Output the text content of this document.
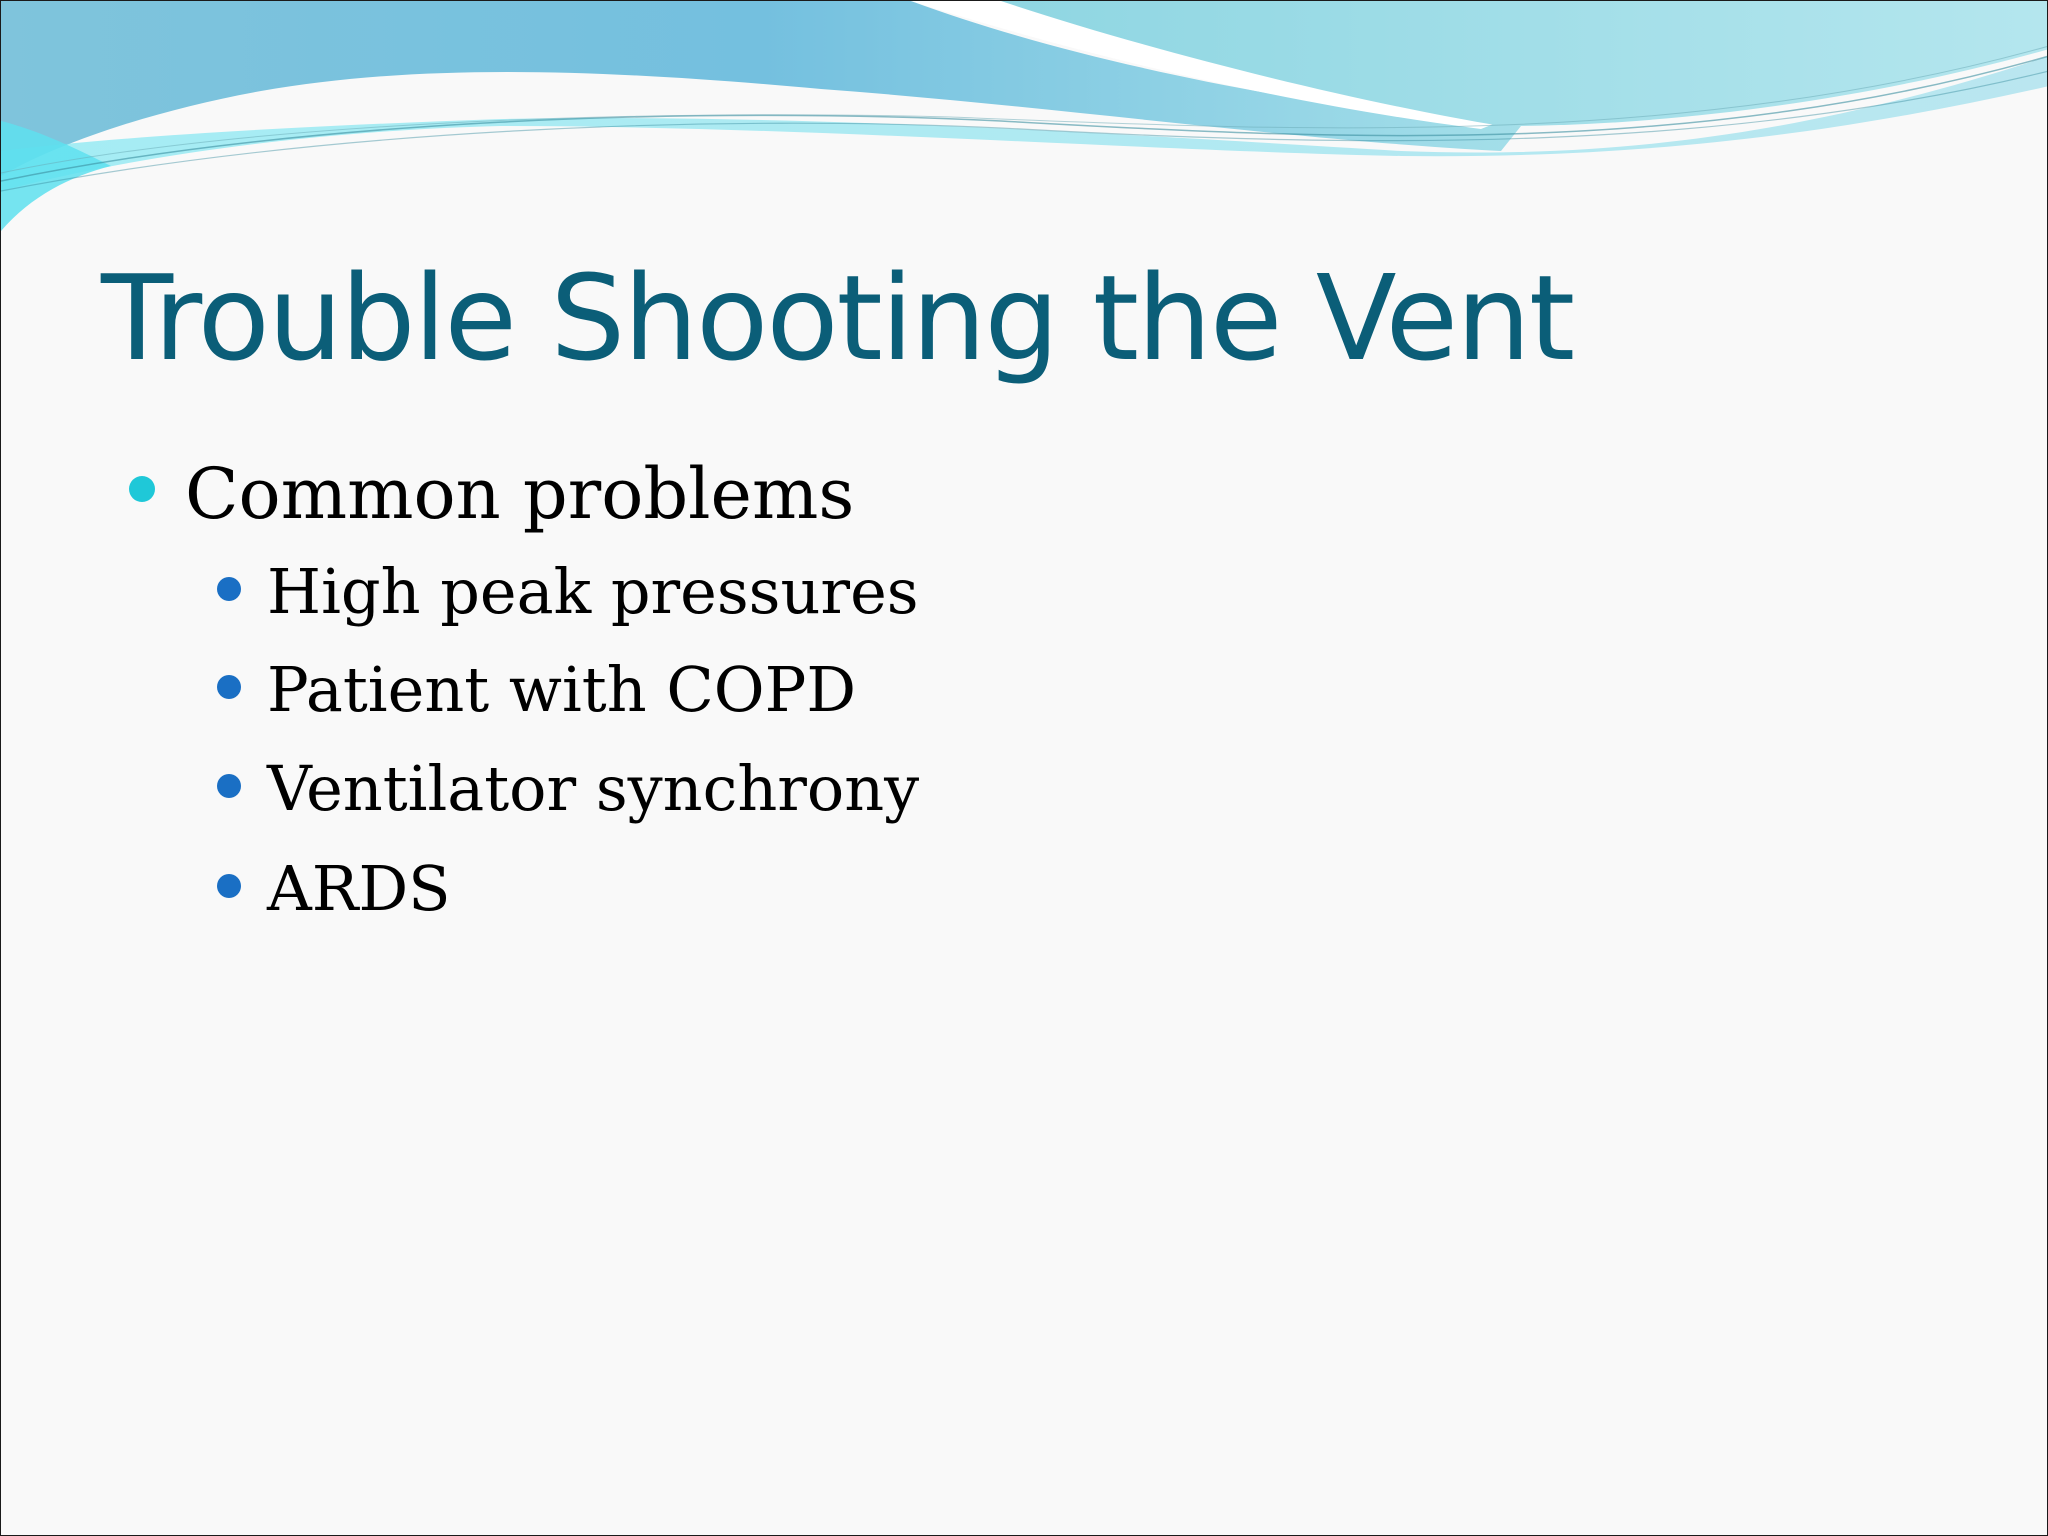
Trouble Shooting the Vent
Common problems
High peak pressures
Patient with COPD
Ventilator synchrony
ARDS
